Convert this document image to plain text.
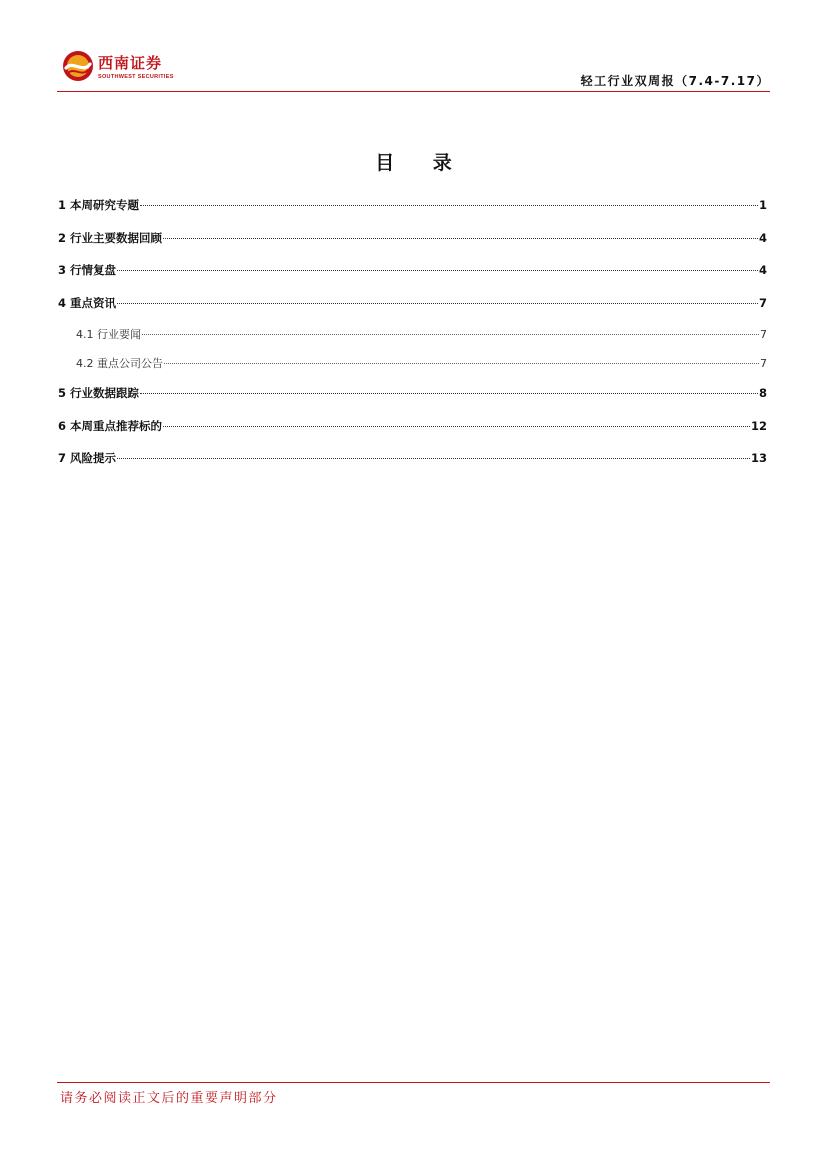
西南证券
SOUTHWEST SECURITIES	轻工行业双周报（7.4-7.17）
目 录
1 本周研究专题	1
2 行业主要数据回顾	4
3 行情复盘	4
4 重点资讯	7
4.1 行业要闻	7
4.2 重点公司公告	7
5 行业数据跟踪	8
6 本周重点推荐标的	12
7 风险提示	13
请务必阅读正文后的重要声明部分
